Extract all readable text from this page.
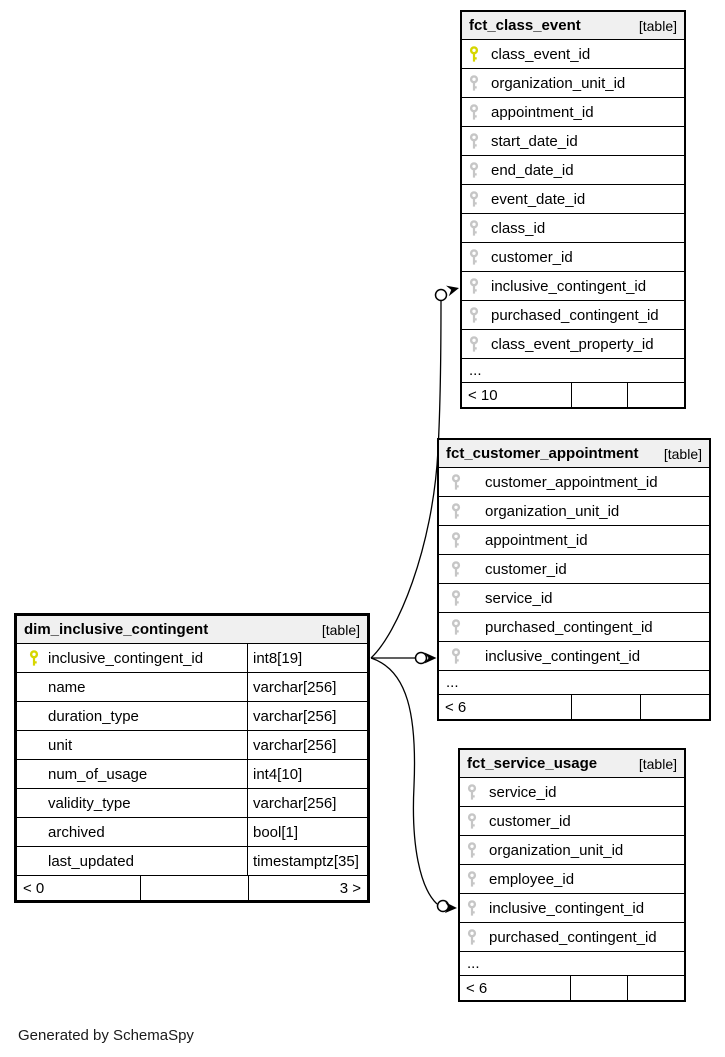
fct_class_event	[table]
class_event_id
organization_unit_id
appointment_id
start_date_id
end_date_id
event_date_id
class_id
customer_id
inclusive_contingent_id
purchased_contingent_id
class_event_property_id
...
< 10
fct_customer_appointment	[table]
customer_appointment_id
organization_unit_id
appointment_id
customer_id
service_id
purchased_contingent_id
inclusive_contingent_id
...
< 6
dim_inclusive_contingent	[table]
inclusive_contingent_id	int8[19]
name	varchar[256]
duration_type	varchar[256]
unit	varchar[256]
num_of_usage	int4[10]
validity_type	varchar[256]
archived	bool[1]
last_updated	timestamptz[35]
< 0	3 >
fct_service_usage	[table]
service_id
customer_id
organization_unit_id
employee_id
inclusive_contingent_id
purchased_contingent_id
...
< 6
Generated by SchemaSpy
